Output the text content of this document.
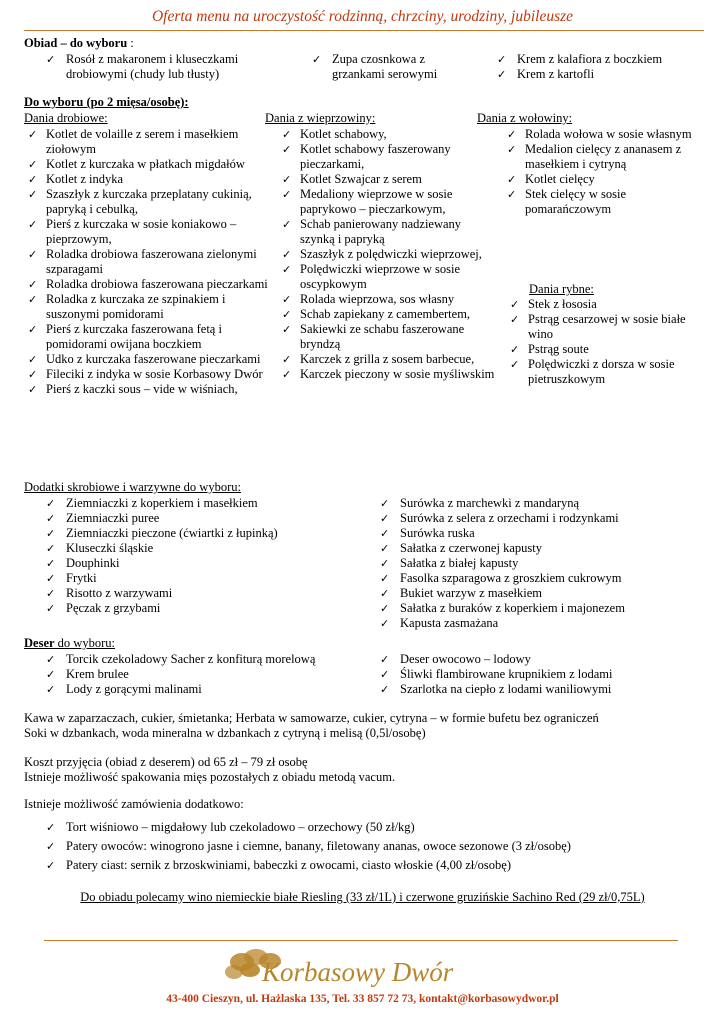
Oferta menu na uroczystość rodzinną, chrzciny, urodziny, jubileusze
Obiad – do wyboru :
✓ Rosół z makaronem i kluseczkami drobiowymi (chudy lub tłusty)
✓ Zupa czosnkowa z grzankami serowymi
✓ Krem z kalafiora z boczkiem
✓ Krem z kartofli
Do wyboru (po 2 mięsa/osobę):
Dania drobiowe:
✓ Kotlet de volaille z serem i masełkiem ziołowym
✓ Kotlet z kurczaka w płatkach migdałów
✓ Kotlet z indyka
✓ Szaszłyk z kurczaka przeplatany cukinią, papryką i cebulką,
✓ Pierś z kurczaka w sosie koniakowo – pieprzowym,
✓ Roladka drobiowa faszerowana zielonymi szparagami
✓ Roladka drobiowa faszerowana pieczarkami
✓ Roladka z kurczaka ze szpinakiem i suszonymi pomidorami
✓ Pierś z kurczaka faszerowana fetą i pomidorami owijana boczkiem
✓ Udko z kurczaka faszerowane pieczarkami
✓ Fileciki z indyka w sosie Korbasowy Dwór
✓ Pierś z kaczki sous – vide w wiśniach,
Dania z wieprzowiny:
✓ Kotlet schabowy,
✓ Kotlet schabowy faszerowany pieczarkami,
✓ Kotlet Szwajcar z serem
✓ Medaliony wieprzowe w sosie paprykowo – pieczarkowym,
✓ Schab panierowany nadziewany szynką i papryką
✓ Szaszłyk z polędwiczki wieprzowej,
✓ Polędwiczki wieprzowe w sosie oscypkowym
✓ Rolada wieprzowa, sos własny
✓ Schab zapiekany z camembertem,
✓ Sakiewki ze schabu faszerowane bryndzą
✓ Karczek z grilla z sosem barbecue,
✓ Karczek pieczony w sosie myśliwskim
Dania z wołowiny:
✓ Rolada wołowa w sosie własnym
✓ Medalion cielęcy z ananasem z masełkiem i cytryną
✓ Kotlet cielęcy
✓ Stek cielęcy w sosie pomarańczowym
Dania rybne:
✓ Stek z łososia
✓ Pstrąg cesarzowej w sosie białe wino
✓ Pstrąg soute
✓ Polędwiczki z dorsza w sosie pietruszkowym
Dodatki skrobiowe i warzywne do wyboru:
✓ Ziemniaczki z koperkiem i masełkiem
✓ Ziemniaczki puree
✓ Ziemniaczki pieczone (ćwiartki z łupinką)
✓ Kluseczki śląskie
✓ Douphinki
✓ Frytki
✓ Risotto z warzywami
✓ Pęczak z grzybami
✓ Surówka z marchewki z mandaryną
✓ Surówka z selera z orzechami i rodzynkami
✓ Surówka ruska
✓ Sałatka z czerwonej kapusty
✓ Sałatka z białej kapusty
✓ Fasolka szparagowa z groszkiem cukrowym
✓ Bukiet warzyw z masełkiem
✓ Sałatka z buraków z koperkiem i majonezem
✓ Kapusta zasmażana
Deser do wyboru:
✓ Torcik czekoladowy Sacher z konfiturą morelową
✓ Krem brulee
✓ Lody z gorącymi malinami
✓ Deser owocowo – lodowy
✓ Śliwki flambirowane krupnikiem z lodami
✓ Szarlotka na ciepło z lodami waniliowymi

Kawa w zaparzaczach, cukier, śmietanka; Herbata w samowarze, cukier, cytryna – w formie bufetu bez ograniczeń

Soki w dzbankach, woda mineralna w dzbankach z cytryną i melisą (0,5l/osobę)

Koszt przyjęcia (obiad z deserem) od 65 zł – 79 zł osobę

Istnieje możliwość spakowania mięs pozostałych z obiadu metodą vacum.

Istnieje możliwość zamówienia dodatkowo:
✓ Tort wiśniowo – migdałowy lub czekoladowo – orzechowy (50 zł/kg)
✓ Patery owoców: winogrono jasne i ciemne, banany, filetowany ananas, owoce sezonowe (3 zł/osobę)
✓ Patery ciast: sernik z brzoskwiniami, babeczki z owocami, ciasto włoskie (4,00 zł/osobę)
Do obiadu polecamy wino niemieckie białe Riesling (33 zł/1L) i czerwone gruzińskie Sachino Red (29 zł/0,75L)
Korbasowy Dwór
43-400 Cieszyn, ul. Hażlaska 135, Tel. 33 857 72 73, kontakt@korbasowydwor.pl
